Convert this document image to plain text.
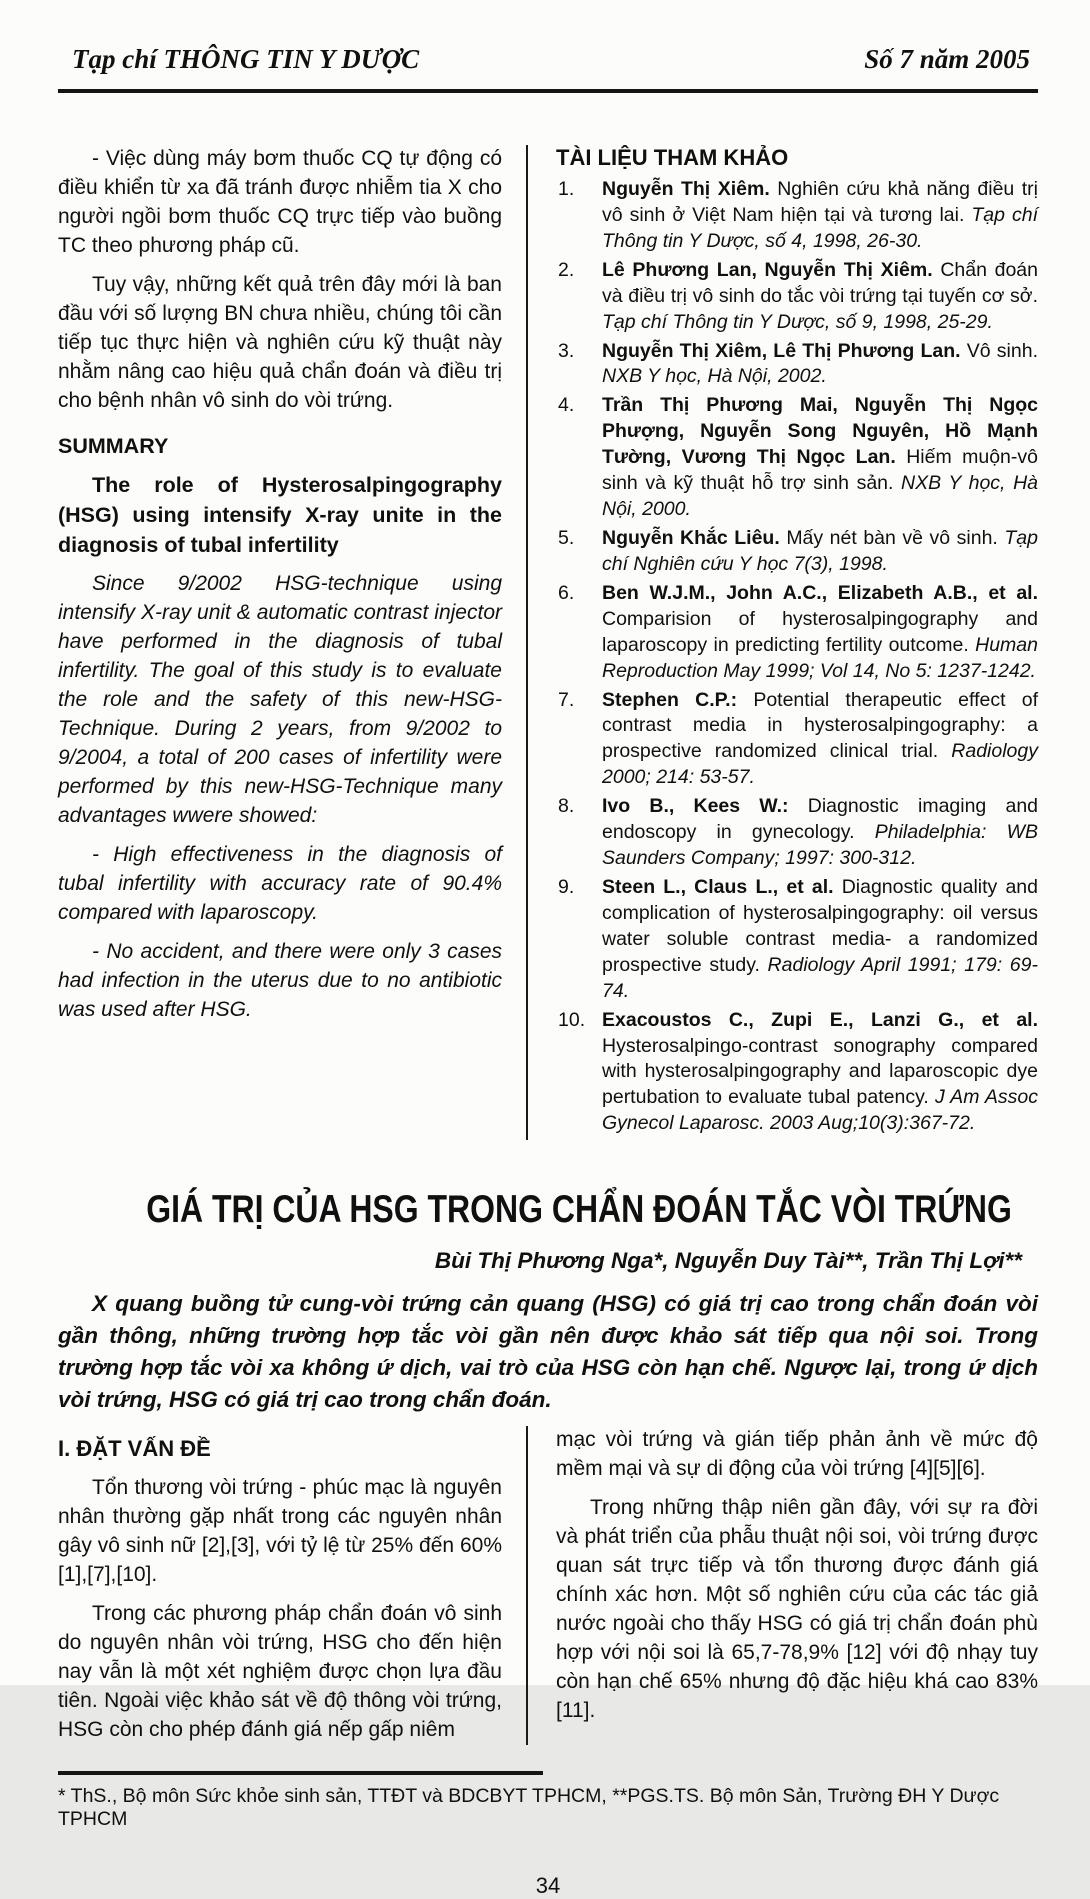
Tạp chí THÔNG TIN Y DƯỢC	Số 7 năm 2005

- Việc dùng máy bơm thuốc CQ tự động có điều khiển từ xa đã tránh được nhiễm tia X cho người ngồi bơm thuốc CQ trực tiếp vào buồng TC theo phương pháp cũ.

Tuy vậy, những kết quả trên đây mới là ban đầu với số lượng BN chưa nhiều, chúng tôi cần tiếp tục thực hiện và nghiên cứu kỹ thuật này nhằm nâng cao hiệu quả chẩn đoán và điều trị cho bệnh nhân vô sinh do vòi trứng.

SUMMARY

The role of Hysterosalpingography (HSG) using intensify X-ray unite in the diagnosis of tubal infertility

Since 9/2002 HSG-technique using intensify X-ray unit & automatic contrast injector have performed in the diagnosis of tubal infertility. The goal of this study is to evaluate the role and the safety of this new-HSG-Technique. During 2 years, from 9/2002 to 9/2004, a total of 200 cases of infertility were performed by this new-HSG-Technique many advantages wwere showed:

- High effectiveness in the diagnosis of tubal infertility with accuracy rate of 90.4% compared with laparoscopy.

- No accident, and there were only 3 cases had infection in the uterus due to no antibiotic was used after HSG.

TÀI LIỆU THAM KHẢO
1. Nguyễn Thị Xiêm. Nghiên cứu khả năng điều trị vô sinh ở Việt Nam hiện tại và tương lai. Tạp chí Thông tin Y Dược, số 4, 1998, 26-30.
2. Lê Phương Lan, Nguyễn Thị Xiêm. Chẩn đoán và điều trị vô sinh do tắc vòi trứng tại tuyến cơ sở. Tạp chí Thông tin Y Dược, số 9, 1998, 25-29.
3. Nguyễn Thị Xiêm, Lê Thị Phương Lan. Vô sinh. NXB Y học, Hà Nội, 2002.
4. Trần Thị Phương Mai, Nguyễn Thị Ngọc Phượng, Nguyễn Song Nguyên, Hồ Mạnh Tường, Vương Thị Ngọc Lan. Hiếm muộn-vô sinh và kỹ thuật hỗ trợ sinh sản. NXB Y học, Hà Nội, 2000.
5. Nguyễn Khắc Liêu. Mấy nét bàn về vô sinh. Tạp chí Nghiên cứu Y học 7(3), 1998.
6. Ben W.J.M., John A.C., Elizabeth A.B., et al. Comparision of hysterosalpingography and laparoscopy in predicting fertility outcome. Human Reproduction May 1999; Vol 14, No 5: 1237-1242.
7. Stephen C.P.: Potential therapeutic effect of contrast media in hysterosalpingography: a prospective randomized clinical trial. Radiology 2000; 214: 53-57.
8. Ivo B., Kees W.: Diagnostic imaging and endoscopy in gynecology. Philadelphia: WB Saunders Company; 1997: 300-312.
9. Steen L., Claus L., et al. Diagnostic quality and complication of hysterosalpingography: oil versus water soluble contrast media- a randomized prospective study. Radiology April 1991; 179: 69-74.
10. Exacoustos C., Zupi E., Lanzi G., et al. Hysterosalpingo-contrast sonography compared with hysterosalpingography and laparoscopic dye pertubation to evaluate tubal patency. J Am Assoc Gynecol Laparosc. 2003 Aug;10(3):367-72.
GIÁ TRỊ CỦA HSG TRONG CHẨN ĐOÁN TẮC VÒI TRỨNG
Bùi Thị Phương Nga*, Nguyễn Duy Tài**, Trần Thị Lợi**

X quang buồng tử cung-vòi trứng cản quang (HSG) có giá trị cao trong chẩn đoán vòi gần thông, những trường hợp tắc vòi gần nên được khảo sát tiếp qua nội soi. Trong trường hợp tắc vòi xa không ứ dịch, vai trò của HSG còn hạn chế. Ngược lại, trong ứ dịch vòi trứng, HSG có giá trị cao trong chẩn đoán.

I. ĐẶT VẤN ĐỀ

Tổn thương vòi trứng - phúc mạc là nguyên nhân thường gặp nhất trong các nguyên nhân gây vô sinh nữ [2],[3], với tỷ lệ từ 25% đến 60% [1],[7],[10].

Trong các phương pháp chẩn đoán vô sinh do nguyên nhân vòi trứng, HSG cho đến hiện nay vẫn là một xét nghiệm được chọn lựa đầu tiên. Ngoài việc khảo sát về độ thông vòi trứng, HSG còn cho phép đánh giá nếp gấp niêm

mạc vòi trứng và gián tiếp phản ảnh về mức độ mềm mại và sự di động của vòi trứng [4][5][6].

Trong những thập niên gần đây, với sự ra đời và phát triển của phẫu thuật nội soi, vòi trứng được quan sát trực tiếp và tổn thương được đánh giá chính xác hơn. Một số nghiên cứu của các tác giả nước ngoài cho thấy HSG có giá trị chẩn đoán phù hợp với nội soi là 65,7-78,9% [12] với độ nhạy tuy còn hạn chế 65% nhưng độ đặc hiệu khá cao 83% [11].

* ThS., Bộ môn Sức khỏe sinh sản, TTĐT và BDCBYT TPHCM, **PGS.TS. Bộ môn Sản, Trường ĐH Y Dược TPHCM
34
